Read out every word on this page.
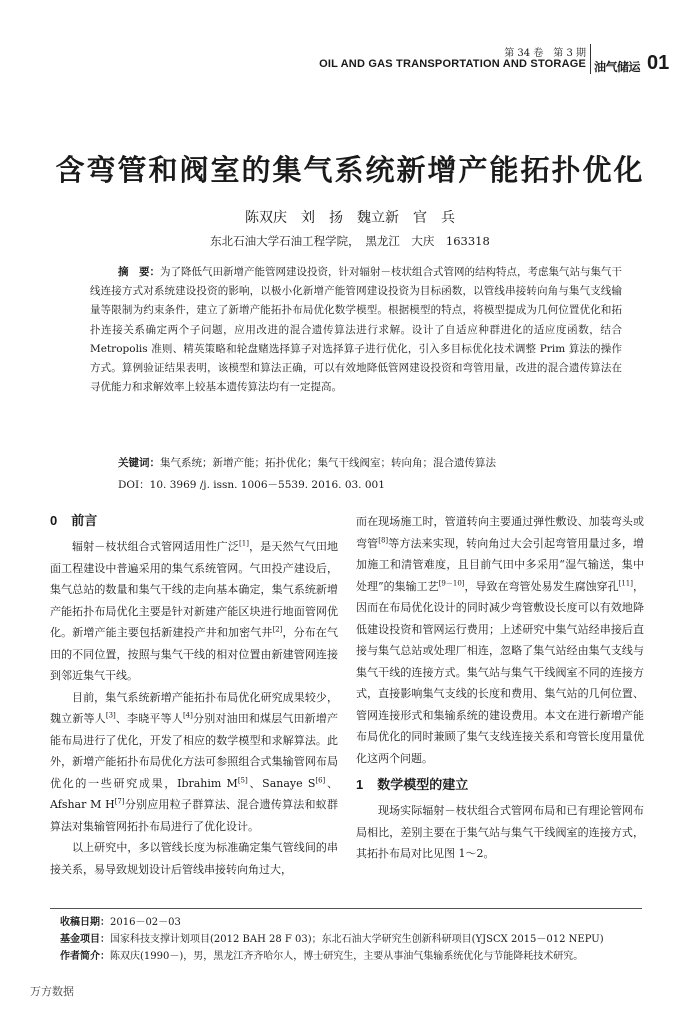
第 34 卷　第 3 期
OIL AND GAS TRANSPORTATION AND STORAGE 油气储运 01
含弯管和阀室的集气系统新增产能拓扑优化
陈双庆　刘　扬　魏立新　官　兵
东北石油大学石油工程学院，　黑龙江　大庆　163318
摘　要：为了降低气田新增产能管网建设投资，针对辐射－枝状组合式管网的结构特点，考虑集气站与集气干线连接方式对系统建设投资的影响，以极小化新增产能管网建设投资为目标函数，以管线串接转向角与集气支线输量等限制为约束条件，建立了新增产能拓扑布局优化数学模型。根据模型的特点，将模型提成为几何位置优化和拓扑连接关系确定两个子问题，应用改进的混合遗传算法进行求解。设计了自适应种群进化的适应度函数，结合 Metropolis 准则、精英策略和轮盘赌选择算子对选择算子进行优化，引入多目标优化技术调整 Prim 算法的操作方式。算例验证结果表明，该模型和算法正确，可以有效地降低管网建设投资和弯管用量，改进的混合遗传算法在寻优能力和求解效率上较基本遗传算法均有一定提高。
关键词：集气系统；新增产能；拓扑优化；集气干线阀室；转向角；混合遗传算法
DOI：10. 3969 /j. issn. 1006－5539. 2016. 03. 001
0 前言

辐射－枝状组合式管网适用性广泛[1]，是天然气气田地面工程建设中普遍采用的集气系统管网。气田投产建设后，集气总站的数量和集气干线的走向基本确定，集气系统新增产能拓扑布局优化主要是针对新建产能区块进行地面管网优化。新增产能主要包括新建投产井和加密气井[2]，分布在气田的不同位置，按照与集气干线的相对位置由新建管网连接到邻近集气干线。

目前，集气系统新增产能拓扑布局优化研究成果较少，魏立新等人[3]、李晓平等人[4]分别对油田和煤层气田新增产能布局进行了优化，开发了相应的数学模型和求解算法。此外，新增产能拓扑布局优化方法可参照组合式集输管网布局优化的一些研究成果，Ibrahim M[5]、Sanaye S[6]、Afshar M H[7]分别应用粒子群算法、混合遗传算法和蚁群算法对集输管网拓扑布局进行了优化设计。

以上研究中，多以管线长度为标准确定集气管线间的串接关系，易导致规划设计后管线串接转向角过大，

而在现场施工时，管道转向主要通过弹性敷设、加装弯头或弯管[8]等方法来实现，转向角过大会引起弯管用量过多，增加施工和清管难度，且目前气田中多采用“湿气输送，集中处理”的集输工艺[9－10]，导致在弯管处易发生腐蚀穿孔[11]，因而在布局优化设计的同时减少弯管敷设长度可以有效地降低建设投资和管网运行费用；上述研究中集气站经串接后直接与集气总站或处理厂相连，忽略了集气站经由集气支线与集气干线的连接方式。集气站与集气干线阀室不同的连接方式，直接影响集气支线的长度和费用、集气站的几何位置、管网连接形式和集输系统的建设费用。本文在进行新增产能布局优化的同时兼顾了集气支线连接关系和弯管长度用量优化这两个问题。

1 数学模型的建立

现场实际辐射－枝状组合式管网布局和已有理论管网布局相比，差别主要在于集气站与集气干线阀室的连接方式，其拓扑布局对比见图 1～2。

收稿日期：2016－02－03
基金项目：国家科技支撑计划项目(2012 BAH 28 F 03)；东北石油大学研究生创新科研项目(YJSCX 2015－012 NEPU)
作者简介：陈双庆(1990－)，男，黑龙江齐齐哈尔人，博士研究生，主要从事油气集输系统优化与节能降耗技术研究。
万方数据
